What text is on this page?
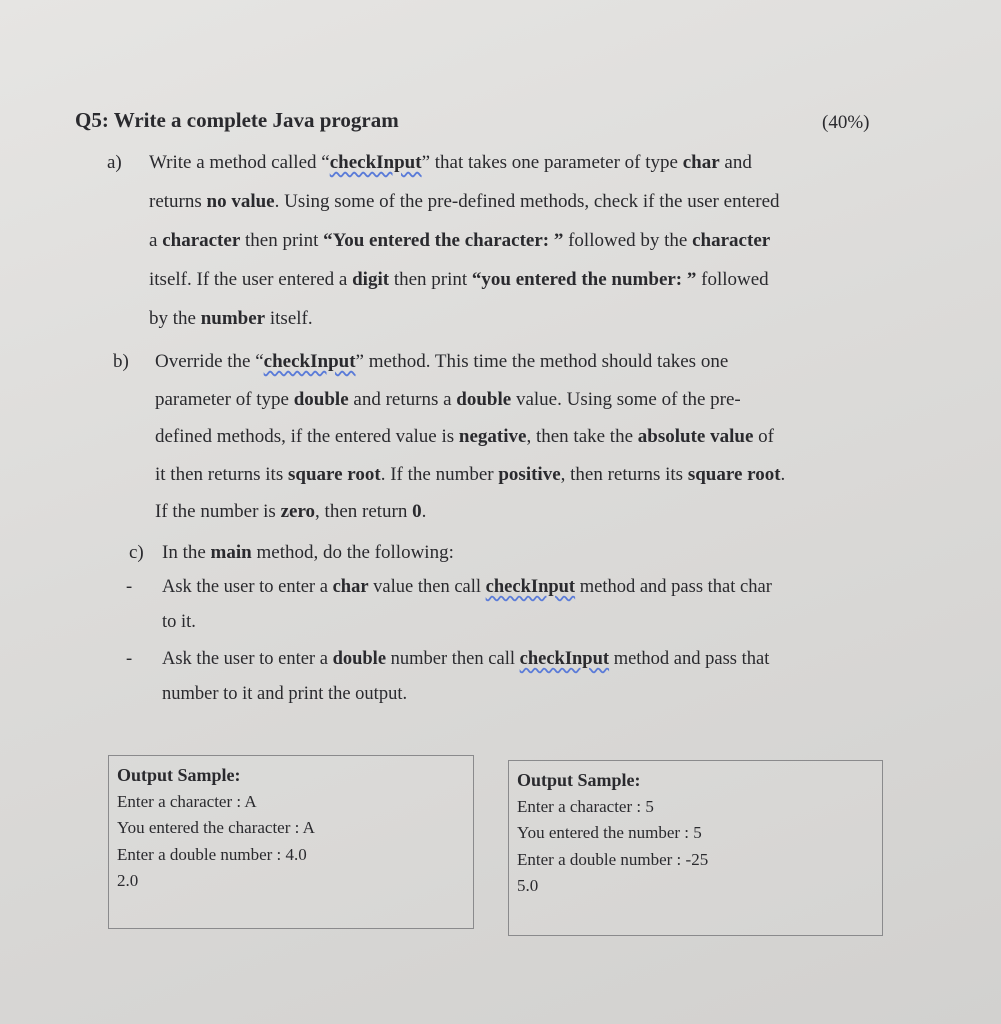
Q5: Write a complete Java program	(40%)
a) Write a method called “checkInput” that takes one parameter of type char and
returns no value. Using some of the pre-defined methods, check if the user entered
a character then print “You entered the character: ” followed by the character
itself. If the user entered a digit then print “you entered the number: ” followed
by the number itself.
b) Override the “checkInput” method. This time the method should takes one
parameter of type double and returns a double value. Using some of the pre-
defined methods, if the entered value is negative, then take the absolute value of
it then returns its square root. If the number positive, then returns its square root.
If the number is zero, then return 0.
c) In the main method, do the following:
- Ask the user to enter a char value then call checkInput method and pass that char
to it.
- Ask the user to enter a double number then call checkInput method and pass that
number to it and print the output.
Output Sample:
Enter a character : A
You entered the character : A
Enter a double number : 4.0
2.0
Output Sample:
Enter a character : 5
You entered the number : 5
Enter a double number : -25
5.0
